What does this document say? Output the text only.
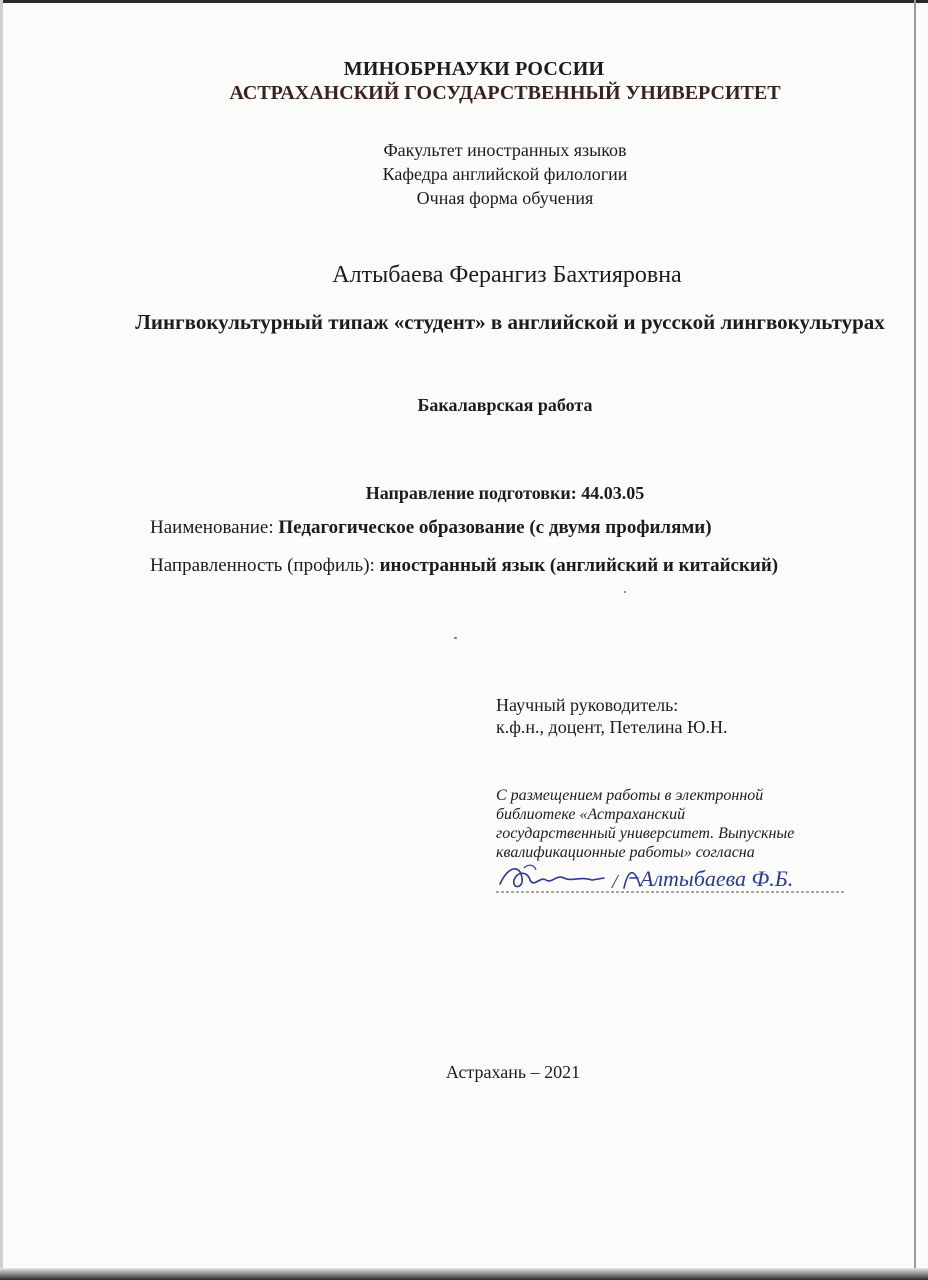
МИНОБРНАУКИ РОССИИ
АСТРАХАНСКИЙ ГОСУДАРСТВЕННЫЙ УНИВЕРСИТЕТ
Факультет иностранных языков
Кафедра английской филологии
Очная форма обучения
Алтыбаева Ферангиз Бахтияровна
Лингвокультурный типаж «студент» в английской и русской лингвокультурах
Бакалаврская работа
Направление подготовки: 44.03.05
Наименование: Педагогическое образование (с двумя профилями)
Направленность (профиль): иностранный язык (английский и китайский)
Научный руководитель:
к.ф.н., доцент, Петелина Ю.Н.
С размещением работы в электронной
библиотеке «Астраханский
государственный университет. Выпускные
квалификационные работы» согласна
/ Алтыбаева Ф.Б.
Астрахань – 2021
